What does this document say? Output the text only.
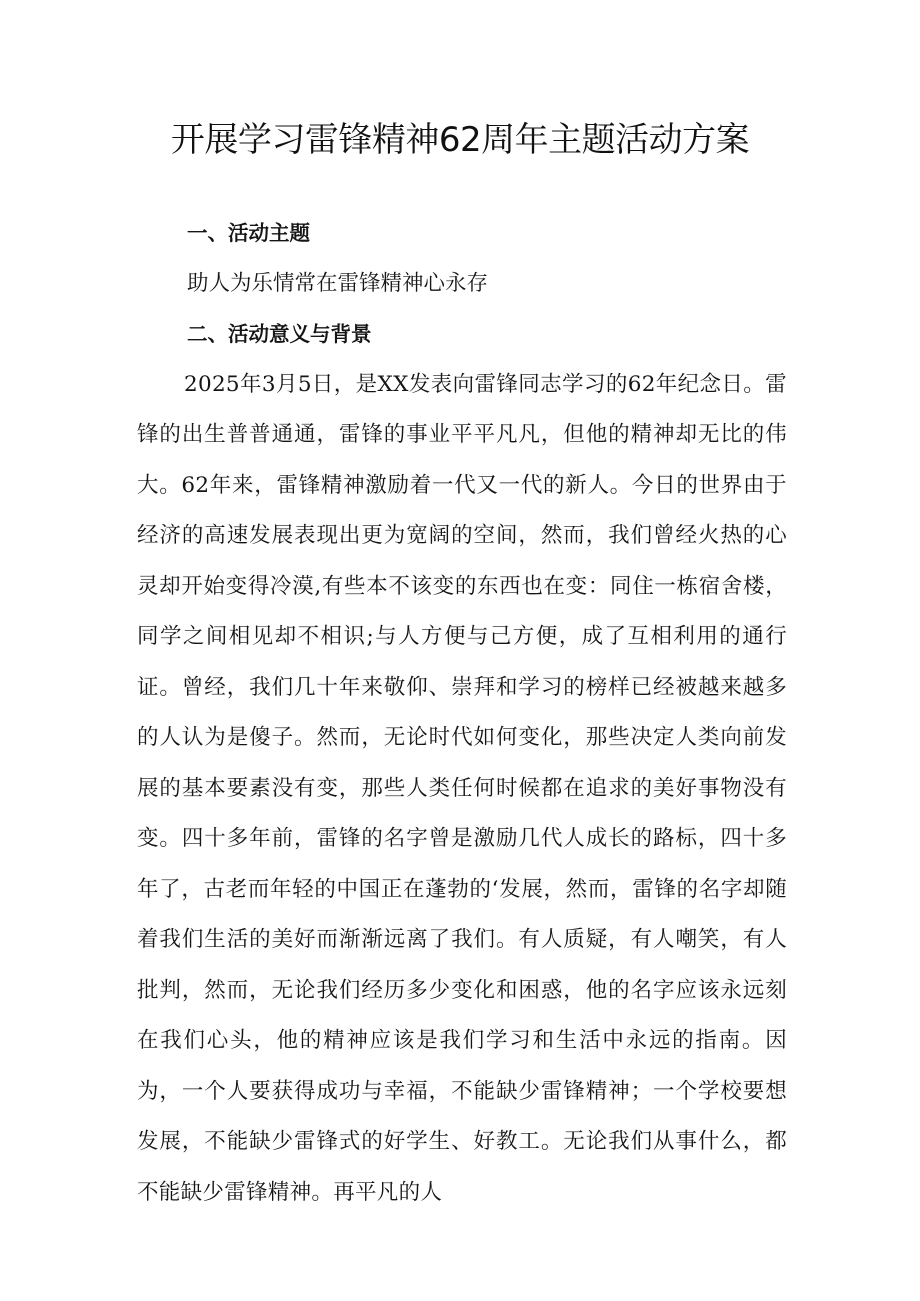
开展学习雷锋精神62周年主题活动方案
一、活动主题

助人为乐情常在雷锋精神心永存

二、活动意义与背景

2025年3月5日，是XX发表向雷锋同志学习的62年纪念日。雷锋的出生普普通通，雷锋的事业平平凡凡，但他的精神却无比的伟大。62年来，雷锋精神激励着一代又一代的新人。今日的世界由于经济的高速发展表现出更为宽阔的空间，然而，我们曾经火热的心灵却开始变得冷漠,有些本不该变的东西也在变：同住一栋宿舍楼，同学之间相见却不相识;与人方便与己方便，成了互相利用的通行证。曾经，我们几十年来敬仰、崇拜和学习的榜样已经被越来越多的人认为是傻子。然而，无论时代如何变化，那些决定人类向前发展的基本要素没有变，那些人类任何时候都在追求的美好事物没有变。四十多年前，雷锋的名字曾是激励几代人成长的路标，四十多年了，古老而年轻的中国正在蓬勃的‘发展，然而，雷锋的名字却随着我们生活的美好而渐渐远离了我们。有人质疑，有人嘲笑，有人批判，然而，无论我们经历多少变化和困惑，他的名字应该永远刻在我们心头，他的精神应该是我们学习和生活中永远的指南。因为，一个人要获得成功与幸福，不能缺少雷锋精神；一个学校要想发展，不能缺少雷锋式的好学生、好教工。无论我们从事什么，都不能缺少雷锋精神。再平凡的人
